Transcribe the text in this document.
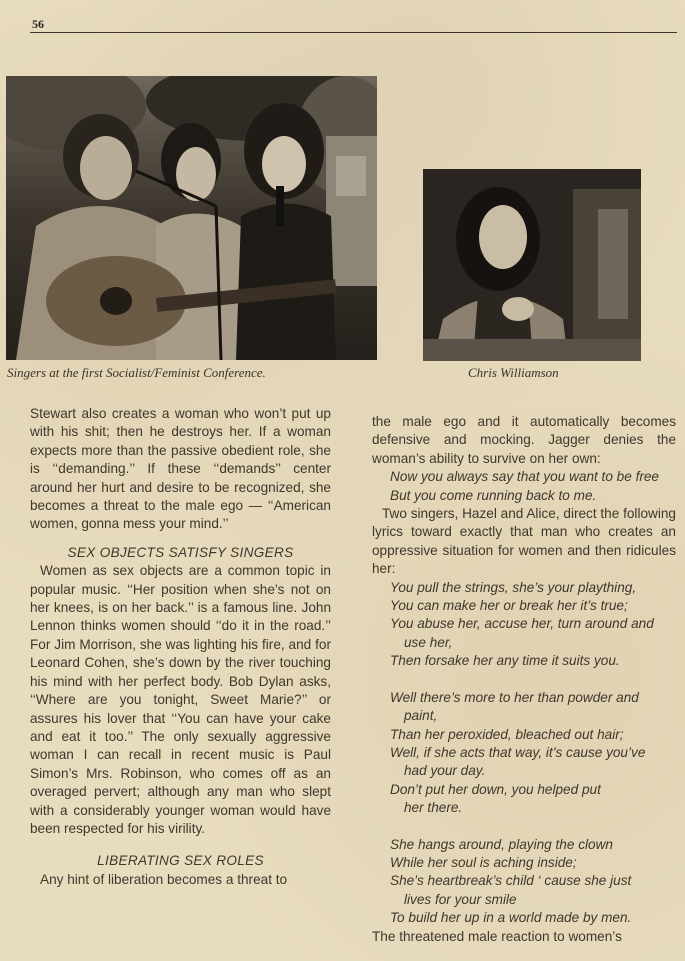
56
Singers at the first Socialist/Feminist Conference.	Chris Williamson

Stewart also creates a woman who won’t put up with his shit; then he destroys her. If a woman expects more than the passive obedient role, she is ‘‘demanding.’’ If these ‘‘demands’’ center around her hurt and desire to be recognized, she becomes a threat to the male ego — ‘‘American women, gonna mess your mind.’’

SEX OBJECTS SATISFY SINGERS

Women as sex objects are a common topic in popular music. ‘‘Her position when she’s not on her knees, is on her back.’’ is a famous line. John Lennon thinks women should ‘‘do it in the road.’’ For Jim Morrison, she was lighting his fire, and for Leonard Cohen, she’s down by the river touching his mind with her perfect body. Bob Dylan asks, ‘‘Where are you tonight, Sweet Marie?’’ or assures his lover that ‘‘You can have your cake and eat it too.’’ The only sexually aggressive woman I can recall in recent music is Paul Simon’s Mrs. Robinson, who comes off as an overaged pervert; although any man who slept with a considerably younger woman would have been respected for his virility.

LIBERATING SEX ROLES

Any hint of liberation becomes a threat to

the male ego and it automatically becomes defensive and mocking. Jagger denies the woman’s ability to survive on her own:

Now you always say that you want to be free

But you come running back to me.

Two singers, Hazel and Alice, direct the following lyrics toward exactly that man who creates an oppressive situation for women and then ridicules her:

You pull the strings, she’s your plaything,

You can make her or break her it’s true;

You abuse her, accuse her, turn around and

use her,

Then forsake her any time it suits you.

Well there’s more to her than powder and

paint,

Than her peroxided, bleached out hair;

Well, if she acts that way, it’s cause you’ve

had your day.

Don’t put her down, you helped put

her there.

She hangs around, playing the clown

While her soul is aching inside;

She’s heartbreak’s child ‘ cause she just

lives for your smile

To build her up in a world made by men.

The threatened male reaction to women’s
